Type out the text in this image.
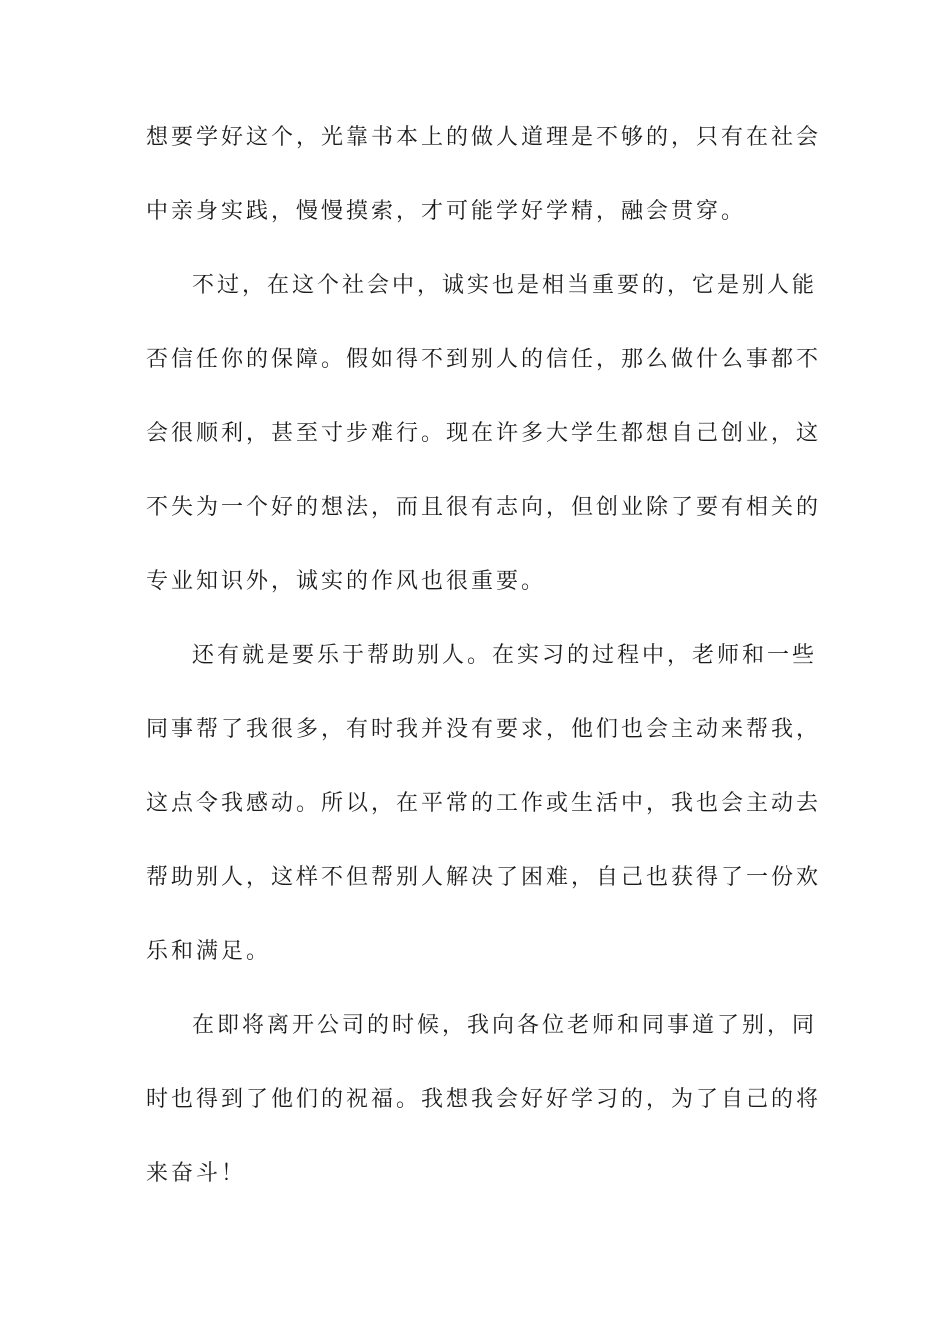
想要学好这个，光靠书本上的做人道理是不够的，只有在社会
中亲身实践，慢慢摸索，才可能学好学精，融会贯穿。
不过，在这个社会中，诚实也是相当重要的，它是别人能
否信任你的保障。假如得不到别人的信任，那么做什么事都不
会很顺利，甚至寸步难行。现在许多大学生都想自己创业，这
不失为一个好的想法，而且很有志向，但创业除了要有相关的
专业知识外，诚实的作风也很重要。
还有就是要乐于帮助别人。在实习的过程中，老师和一些
同事帮了我很多，有时我并没有要求，他们也会主动来帮我，
这点令我感动。所以，在平常的工作或生活中，我也会主动去
帮助别人，这样不但帮别人解决了困难，自己也获得了一份欢
乐和满足。
在即将离开公司的时候，我向各位老师和同事道了别，同
时也得到了他们的祝福。我想我会好好学习的，为了自己的将
来奋斗！
